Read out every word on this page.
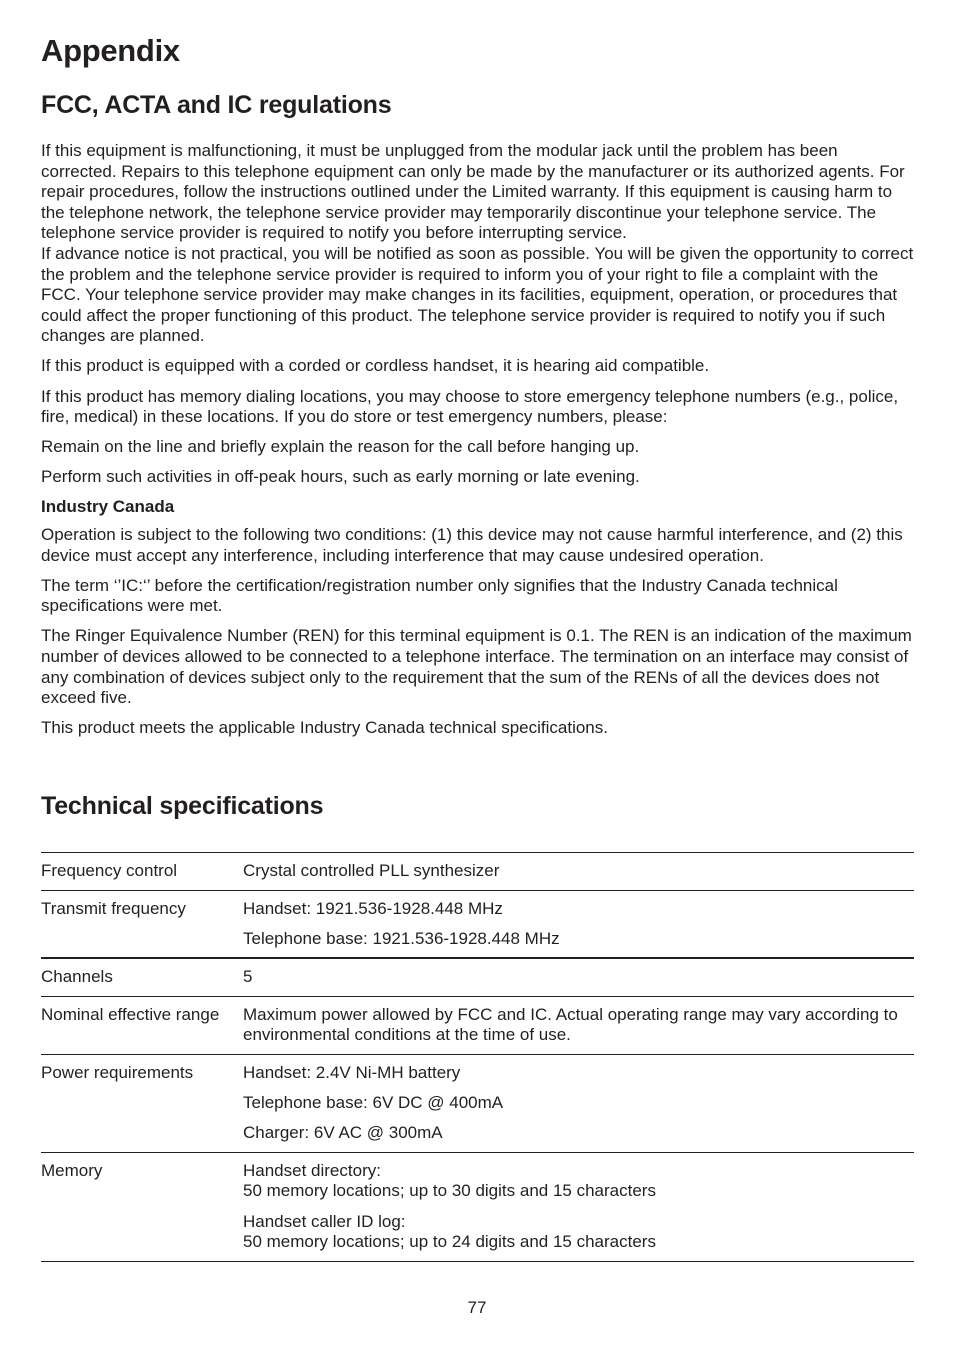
Appendix
FCC, ACTA and IC regulations

If this equipment is malfunctioning, it must be unplugged from the modular jack until the problem has been corrected. Repairs to this telephone equipment can only be made by the manufacturer or its authorized agents. For repair procedures, follow the instructions outlined under the Limited warranty. If this equipment is causing harm to the telephone network, the telephone service provider may temporarily discontinue your telephone service. The telephone service provider is required to notify you before interrupting service.

If advance notice is not practical, you will be notified as soon as possible. You will be given the opportunity to correct the problem and the telephone service provider is required to inform you of your right to file a complaint with the FCC. Your telephone service provider may make changes in its facilities, equipment, operation, or procedures that could affect the proper functioning of this product. The telephone service provider is required to notify you if such changes are planned.

If this product is equipped with a corded or cordless handset, it is hearing aid compatible.

If this product has memory dialing locations, you may choose to store emergency telephone numbers (e.g., police, fire, medical) in these locations. If you do store or test emergency numbers, please:

Remain on the line and briefly explain the reason for the call before hanging up.

Perform such activities in off-peak hours, such as early morning or late evening.

Industry Canada

Operation is subject to the following two conditions: (1) this device may not cause harmful interference, and (2) this device must accept any interference, including interference that may cause undesired operation.

The term ‘’IC:‘’ before the certification/registration number only signifies that the Industry Canada technical specifications were met.

The Ringer Equivalence Number (REN) for this terminal equipment is 0.1. The REN is an indication of the maximum number of devices allowed to be connected to a telephone interface. The termination on an interface may consist of any combination of devices subject only to the requirement that the sum of the RENs of all the devices does not exceed five.

This product meets the applicable Industry Canada technical specifications.

Technical specifications
Frequency control	Crystal controlled PLL synthesizer

Transmit frequency	Handset: 1921.536-1928.448 MHz
Telephone base: 1921.536-1928.448 MHz

Channels	5

Nominal effective range	Maximum power allowed by FCC and IC. Actual operating range may vary according to environmental conditions at the time of use.

Power requirements	Handset: 2.4V Ni-MH battery
Telephone base: 6V DC @ 400mA
Charger: 6V AC @ 300mA

Memory	Handset directory:
50 memory locations; up to 30 digits and 15 characters
Handset caller ID log:
50 memory locations; up to 24 digits and 15 characters
77
